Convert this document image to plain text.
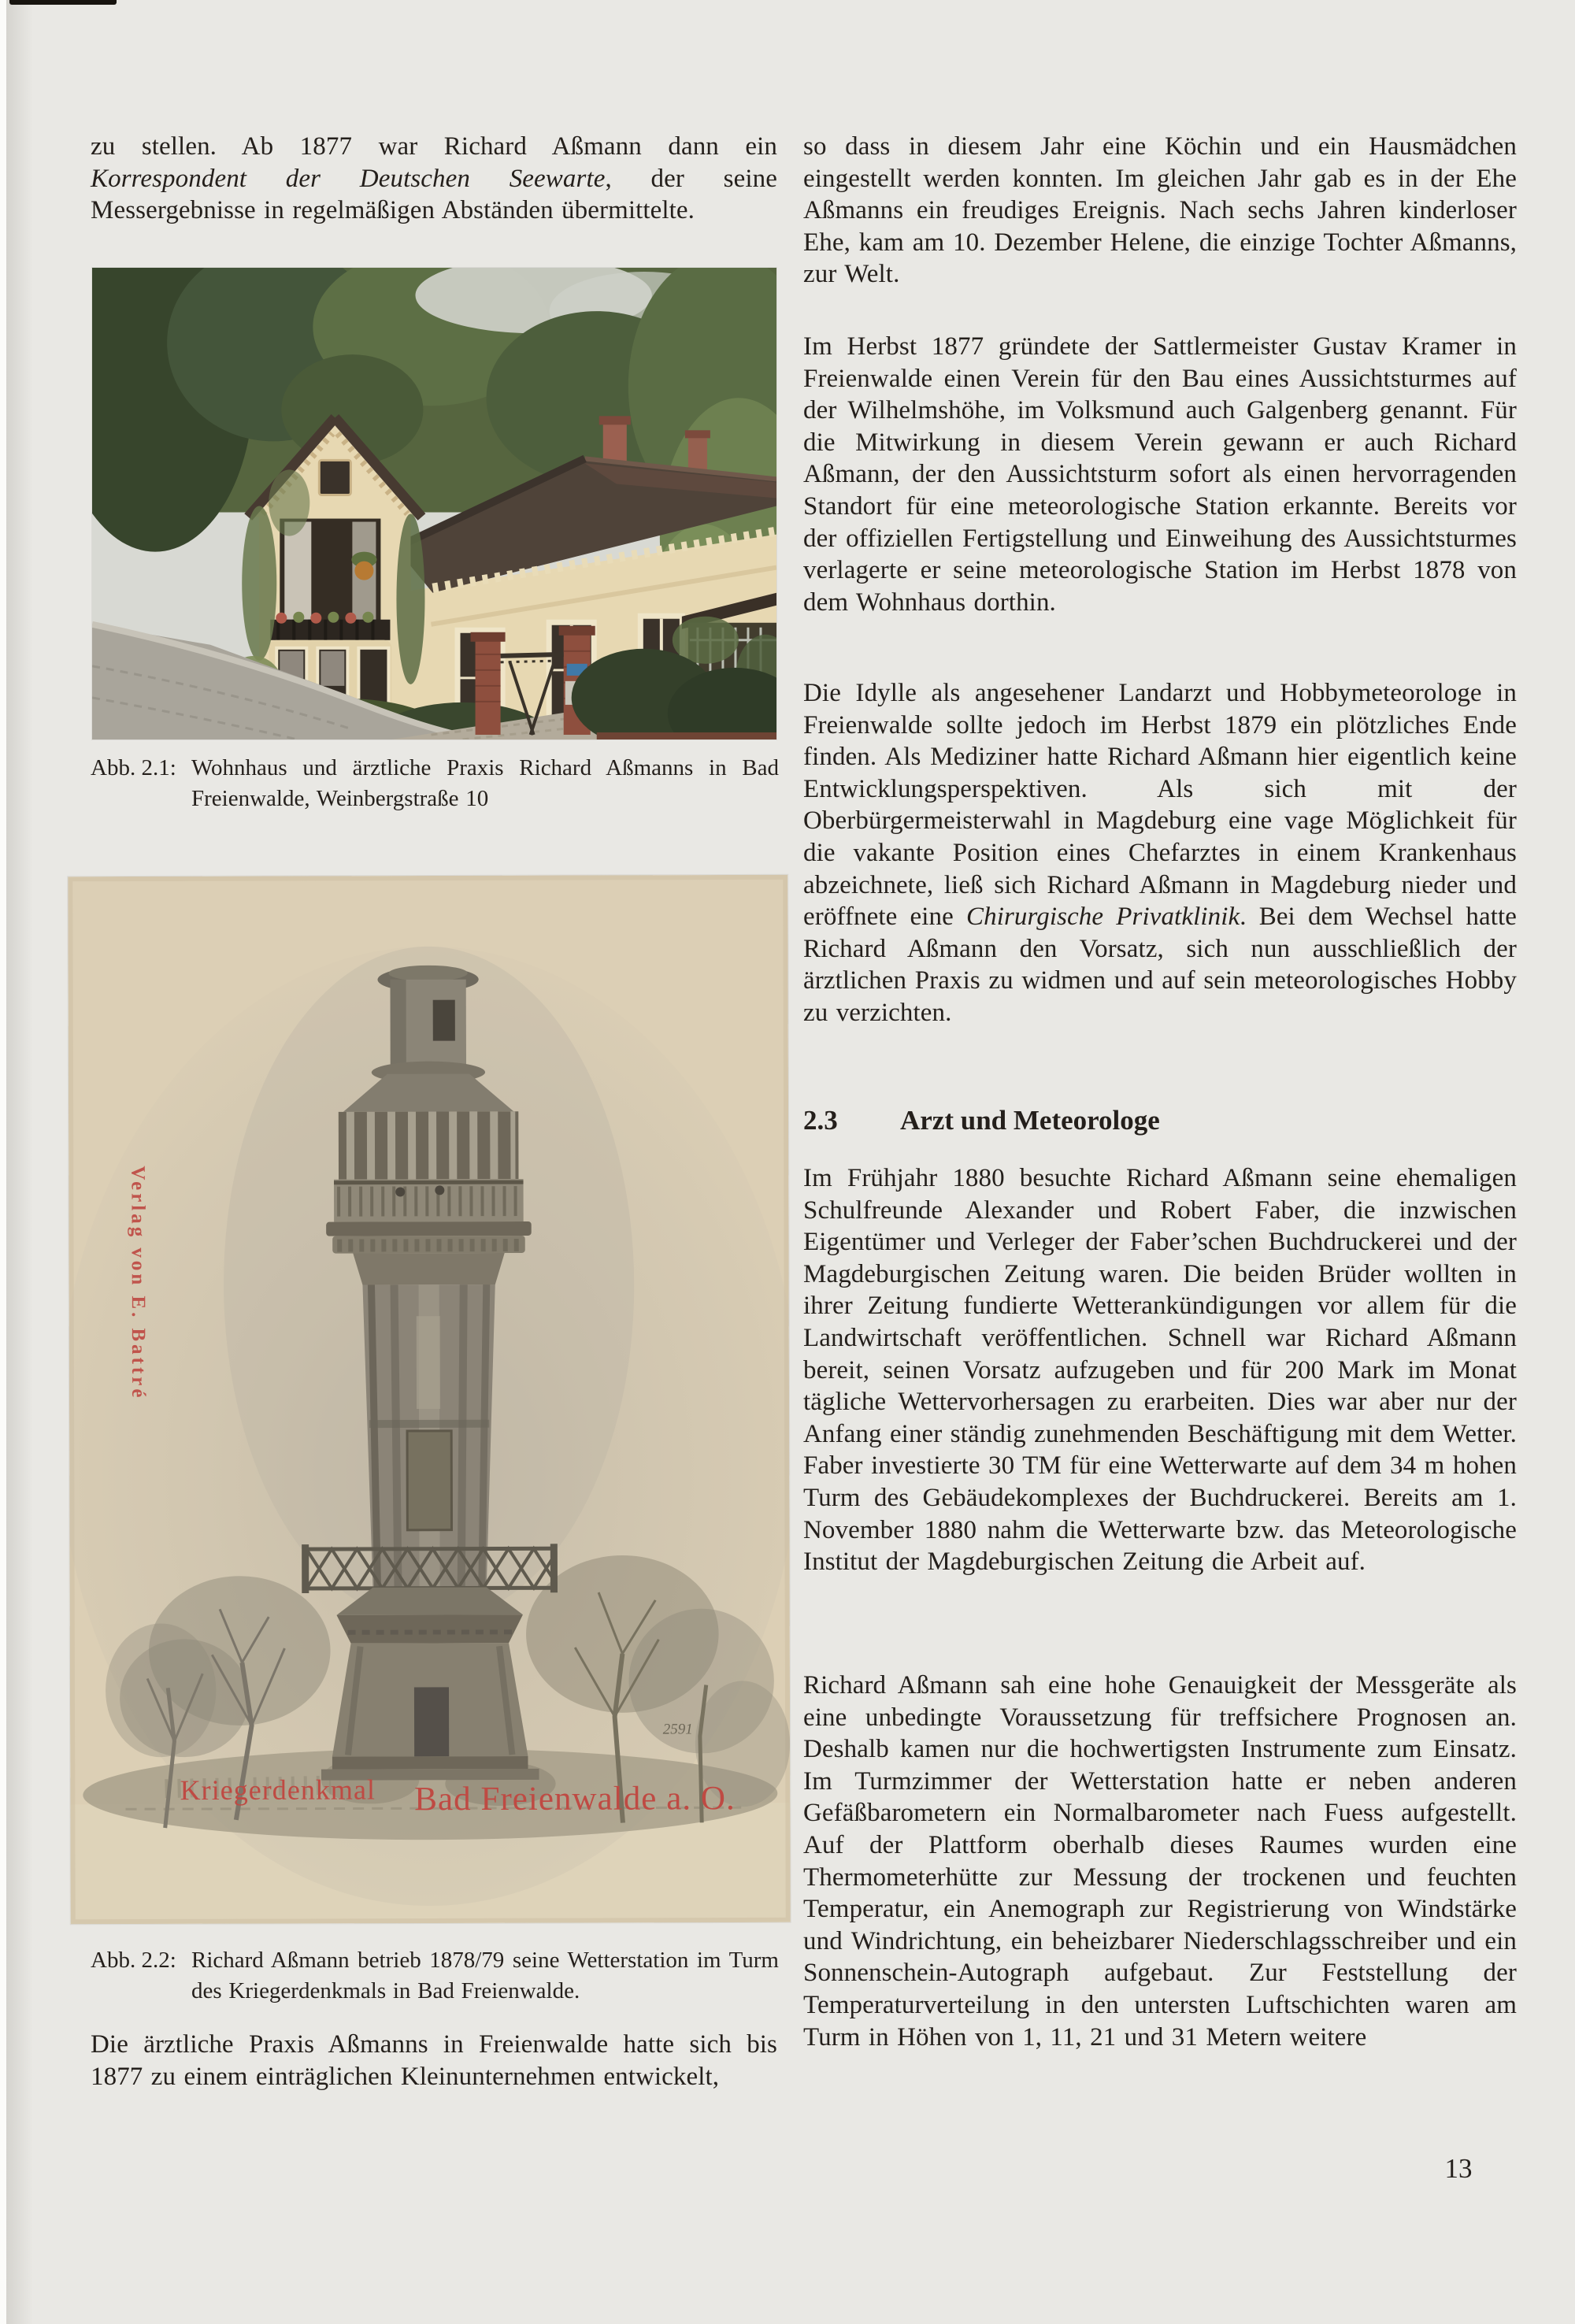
zu stellen. Ab 1877 war Richard Aßmann dann ein Korrespondent der Deutschen Seewarte, der seine Messergebnisse in regelmäßigen Abständen übermittelte.

Abb. 2.1: Wohnhaus und ärztliche Praxis Richard Aßmanns in Bad Freienwalde, Weinbergstraße 10
2591
Kriegerdenkmal Bad Freienwalde a. O.
Verlag von E. Battré
Abb. 2.2: Richard Aßmann betrieb 1878/79 seine Wetterstation im Turm des Kriegerdenkmals in Bad Freienwalde.

Die ärztliche Praxis Aßmanns in Freienwalde hatte sich bis 1877 zu einem einträglichen Kleinunternehmen entwickelt,

so dass in diesem Jahr eine Köchin und ein Hausmädchen eingestellt werden konnten. Im gleichen Jahr gab es in der Ehe Aßmanns ein freudiges Ereignis. Nach sechs Jahren kinderloser Ehe, kam am 10. Dezember Helene, die einzige Tochter Aßmanns, zur Welt.

Im Herbst 1877 gründete der Sattlermeister Gustav Kramer in Freienwalde einen Verein für den Bau eines Aussichtsturmes auf der Wilhelmshöhe, im Volksmund auch Galgenberg genannt. Für die Mitwirkung in diesem Verein gewann er auch Richard Aßmann, der den Aussichtsturm sofort als einen hervorragenden Standort für eine meteorologische Station erkannte. Bereits vor der offiziellen Fertigstellung und Einweihung des Aussichtsturmes verlagerte er seine meteorologische Station im Herbst 1878 von dem Wohnhaus dorthin.

Die Idylle als angesehener Landarzt und Hobbymeteorologe in Freienwalde sollte jedoch im Herbst 1879 ein plötzliches Ende finden. Als Mediziner hatte Richard Aßmann hier eigentlich keine Entwicklungsperspektiven. Als sich mit der Oberbürgermeisterwahl in Magdeburg eine vage Möglichkeit für die vakante Position eines Chefarztes in einem Krankenhaus abzeichnete, ließ sich Richard Aßmann in Magdeburg nieder und eröffnete eine Chirurgische Privatklinik. Bei dem Wechsel hatte Richard Aßmann den Vorsatz, sich nun ausschließlich der ärztlichen Praxis zu widmen und auf sein meteorologisches Hobby zu verzichten.

2.3	Arzt und Meteorologe

Im Frühjahr 1880 besuchte Richard Aßmann seine ehemaligen Schulfreunde Alexander und Robert Faber, die inzwischen Eigentümer und Verleger der Faber’schen Buchdruckerei und der Magdeburgischen Zeitung waren. Die beiden Brüder wollten in ihrer Zeitung fundierte Wetterankündigungen vor allem für die Landwirtschaft veröffentlichen. Schnell war Richard Aßmann bereit, seinen Vorsatz aufzugeben und für 200 Mark im Monat tägliche Wettervorhersagen zu erarbeiten. Dies war aber nur der Anfang einer ständig zunehmenden Beschäftigung mit dem Wetter. Faber investierte 30 TM für eine Wetterwarte auf dem 34 m hohen Turm des Gebäudekomplexes der Buchdruckerei. Bereits am 1. November 1880 nahm die Wetterwarte bzw. das Meteorologische Institut der Magdeburgischen Zeitung die Arbeit auf.

Richard Aßmann sah eine hohe Genauigkeit der Messgeräte als eine unbedingte Voraussetzung für treffsichere Prognosen an. Deshalb kamen nur die hochwertigsten Instrumente zum Einsatz. Im Turmzimmer der Wetterstation hatte er neben anderen Gefäßbarometern ein Normalbarometer nach Fuess aufgestellt. Auf der Plattform oberhalb dieses Raumes wurden eine Thermometerhütte zur Messung der trockenen und feuchten Temperatur, ein Anemograph zur Registrierung von Windstärke und Windrichtung, ein beheizbarer Niederschlagsschreiber und ein Sonnenschein-Autograph aufgebaut. Zur Feststellung der Temperaturverteilung in den untersten Luftschichten waren am Turm in Höhen von 1, 11, 21 und 31 Metern weitere

13
